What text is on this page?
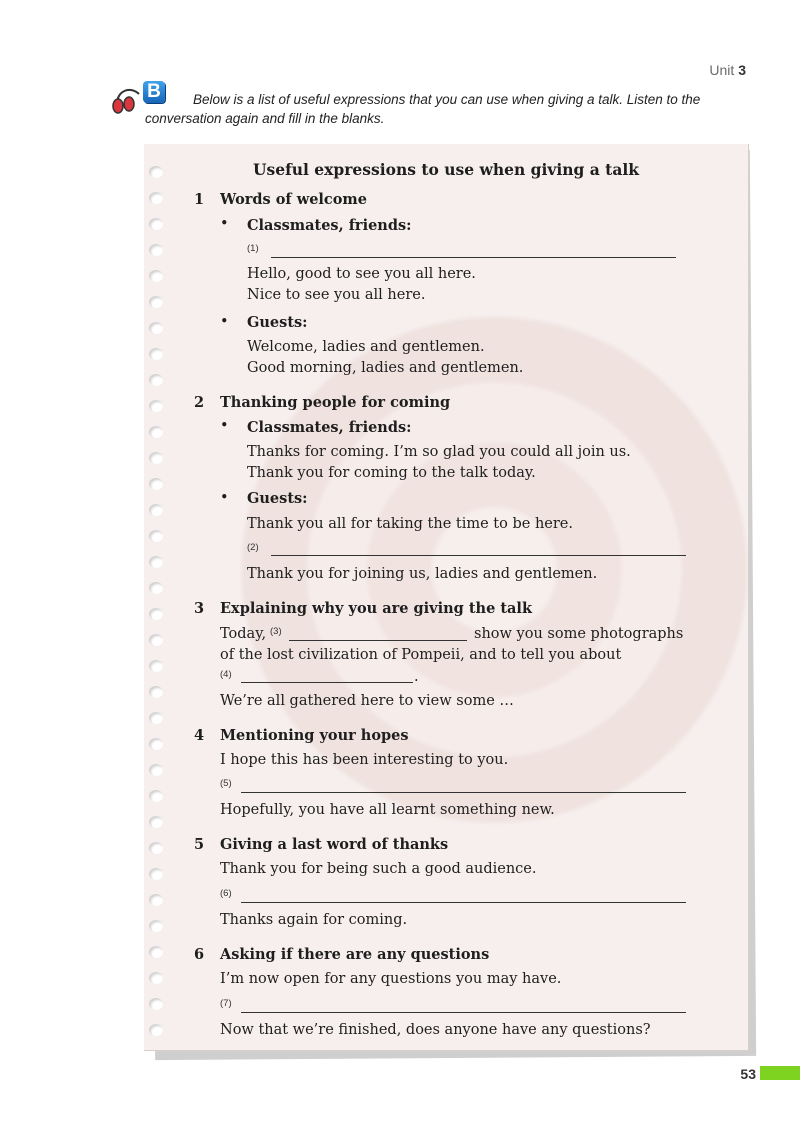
Unit 3
B	Below is a list of useful expressions that you can use when giving a talk. Listen to the conversation again and fill in the blanks.
Useful expressions to use when giving a talk
1 Words of welcome
• Classmates, friends:
(1)
Hello, good to see you all here.
Nice to see you all here.
• Guests:
Welcome, ladies and gentlemen.
Good morning, ladies and gentlemen.
2 Thanking people for coming
• Classmates, friends:
Thanks for coming. I’m so glad you could all join us.
Thank you for coming to the talk today.
• Guests:
Thank you all for taking the time to be here.
(2)
Thank you for joining us, ladies and gentlemen.
3 Explaining why you are giving the talk
Today, (3)	show you some photographs
of the lost civilization of Pompeii, and to tell you about
(4)	.
We’re all gathered here to view some …
4 Mentioning your hopes
I hope this has been interesting to you.
(5)
Hopefully, you have all learnt something new.
5 Giving a last word of thanks
Thank you for being such a good audience.
(6)
Thanks again for coming.
6 Asking if there are any questions
I’m now open for any questions you may have.
(7)
Now that we’re finished, does anyone have any questions?
53
